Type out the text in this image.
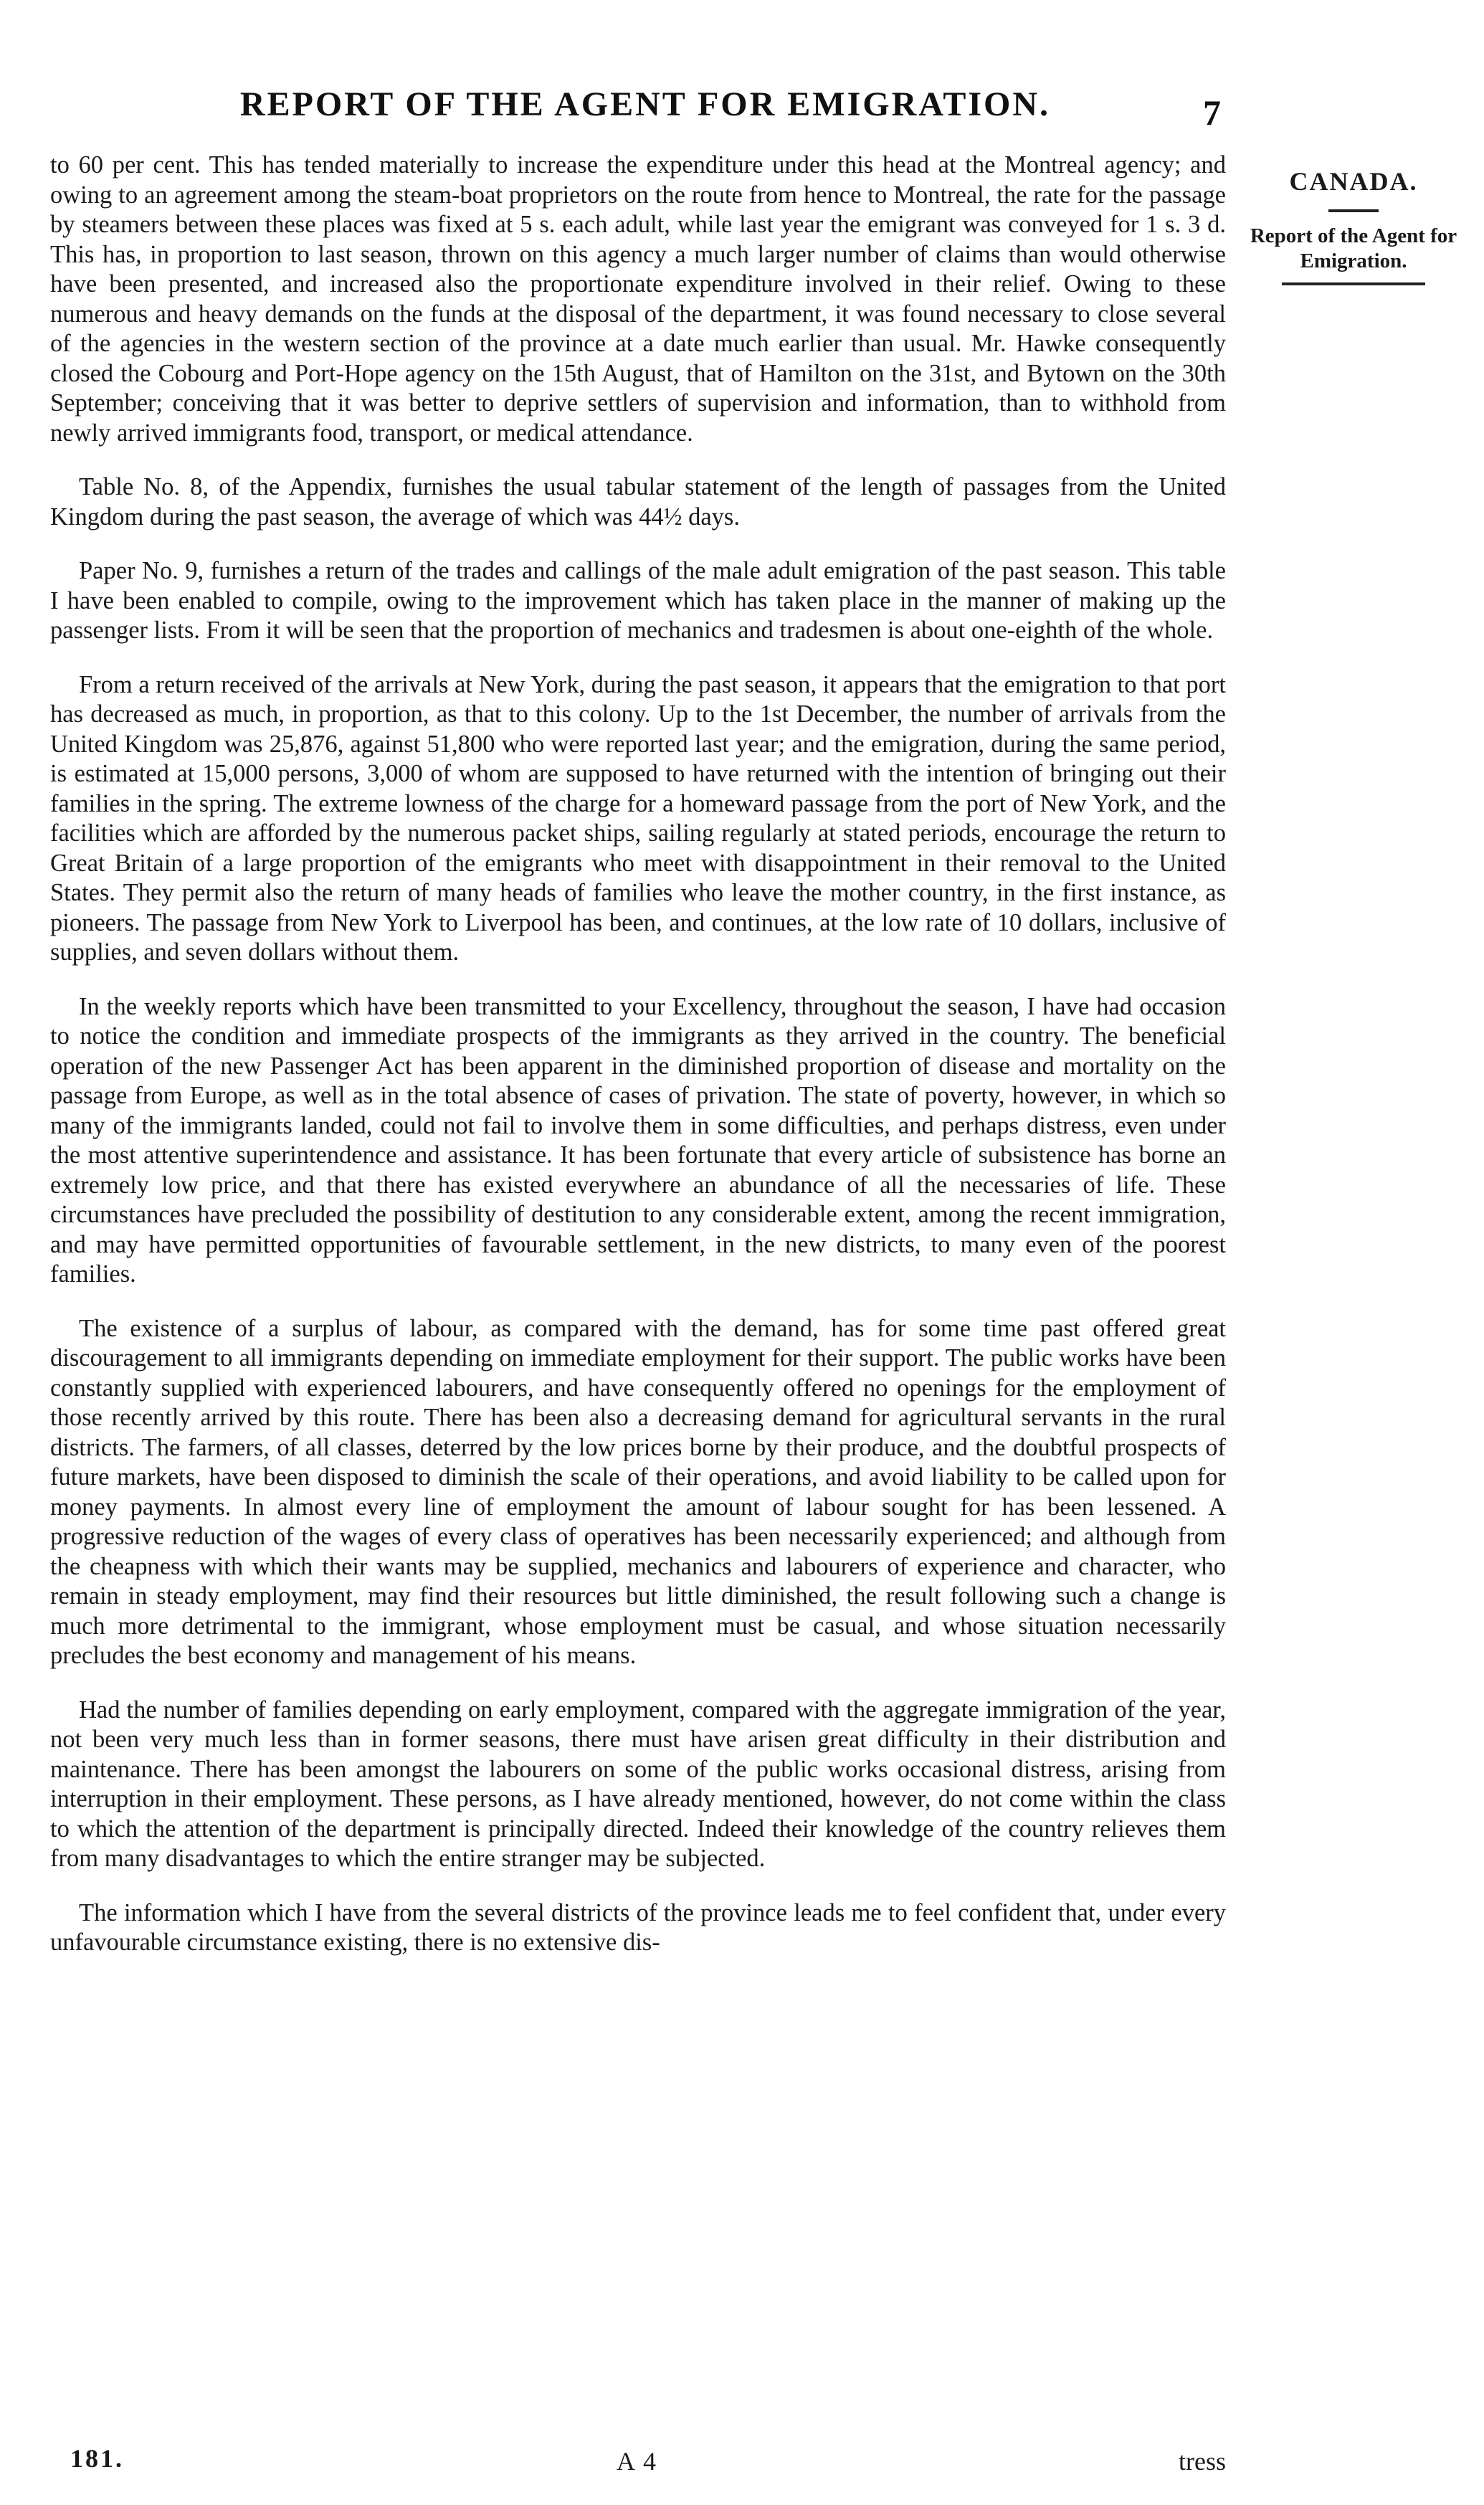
REPORT OF THE AGENT FOR EMIGRATION.	7
CANADA.
Report of the Agent for Emigration.

to 60 per cent. This has tended materially to increase the expenditure under this head at the Montreal agency; and owing to an agreement among the steam-boat proprietors on the route from hence to Montreal, the rate for the passage by steamers between these places was fixed at 5 s. each adult, while last year the emigrant was conveyed for 1 s. 3 d. This has, in proportion to last season, thrown on this agency a much larger number of claims than would otherwise have been presented, and increased also the proportionate expenditure involved in their relief. Owing to these numerous and heavy demands on the funds at the disposal of the department, it was found necessary to close several of the agencies in the western section of the province at a date much earlier than usual. Mr. Hawke consequently closed the Cobourg and Port-Hope agency on the 15th August, that of Hamilton on the 31st, and Bytown on the 30th September; conceiving that it was better to deprive settlers of supervision and information, than to withhold from newly arrived immigrants food, transport, or medical attendance.

Table No. 8, of the Appendix, furnishes the usual tabular statement of the length of passages from the United Kingdom during the past season, the average of which was 44½ days.

Paper No. 9, furnishes a return of the trades and callings of the male adult emigration of the past season. This table I have been enabled to compile, owing to the improvement which has taken place in the manner of making up the passenger lists. From it will be seen that the proportion of mechanics and tradesmen is about one-eighth of the whole.

From a return received of the arrivals at New York, during the past season, it appears that the emigration to that port has decreased as much, in proportion, as that to this colony. Up to the 1st December, the number of arrivals from the United Kingdom was 25,876, against 51,800 who were reported last year; and the emigration, during the same period, is estimated at 15,000 persons, 3,000 of whom are supposed to have returned with the intention of bringing out their families in the spring. The extreme lowness of the charge for a homeward passage from the port of New York, and the facilities which are afforded by the numerous packet ships, sailing regularly at stated periods, encourage the return to Great Britain of a large proportion of the emigrants who meet with disappointment in their removal to the United States. They permit also the return of many heads of families who leave the mother country, in the first instance, as pioneers. The passage from New York to Liverpool has been, and continues, at the low rate of 10 dollars, inclusive of supplies, and seven dollars without them.

In the weekly reports which have been transmitted to your Excellency, throughout the season, I have had occasion to notice the condition and immediate prospects of the immigrants as they arrived in the country. The beneficial operation of the new Passenger Act has been apparent in the diminished proportion of disease and mortality on the passage from Europe, as well as in the total absence of cases of privation. The state of poverty, however, in which so many of the immigrants landed, could not fail to involve them in some difficulties, and perhaps distress, even under the most attentive superintendence and assistance. It has been fortunate that every article of subsistence has borne an extremely low price, and that there has existed everywhere an abundance of all the necessaries of life. These circumstances have precluded the possibility of destitution to any considerable extent, among the recent immigration, and may have permitted opportunities of favourable settlement, in the new districts, to many even of the poorest families.

The existence of a surplus of labour, as compared with the demand, has for some time past offered great discouragement to all immigrants depending on immediate employment for their support. The public works have been constantly supplied with experienced labourers, and have consequently offered no openings for the employment of those recently arrived by this route. There has been also a decreasing demand for agricultural servants in the rural districts. The farmers, of all classes, deterred by the low prices borne by their produce, and the doubtful prospects of future markets, have been disposed to diminish the scale of their operations, and avoid liability to be called upon for money payments. In almost every line of employment the amount of labour sought for has been lessened. A progressive reduction of the wages of every class of operatives has been necessarily experienced; and although from the cheapness with which their wants may be supplied, mechanics and labourers of experience and character, who remain in steady employment, may find their resources but little diminished, the result following such a change is much more detrimental to the immigrant, whose employment must be casual, and whose situation necessarily precludes the best economy and management of his means.

Had the number of families depending on early employment, compared with the aggregate immigration of the year, not been very much less than in former seasons, there must have arisen great difficulty in their distribution and maintenance. There has been amongst the labourers on some of the public works occasional distress, arising from interruption in their employment. These persons, as I have already mentioned, however, do not come within the class to which the attention of the department is principally directed. Indeed their knowledge of the country relieves them from many disadvantages to which the entire stranger may be subjected.

The information which I have from the several districts of the province leads me to feel confident that, under every unfavourable circumstance existing, there is no extensive dis-

181.	A 4	tress
